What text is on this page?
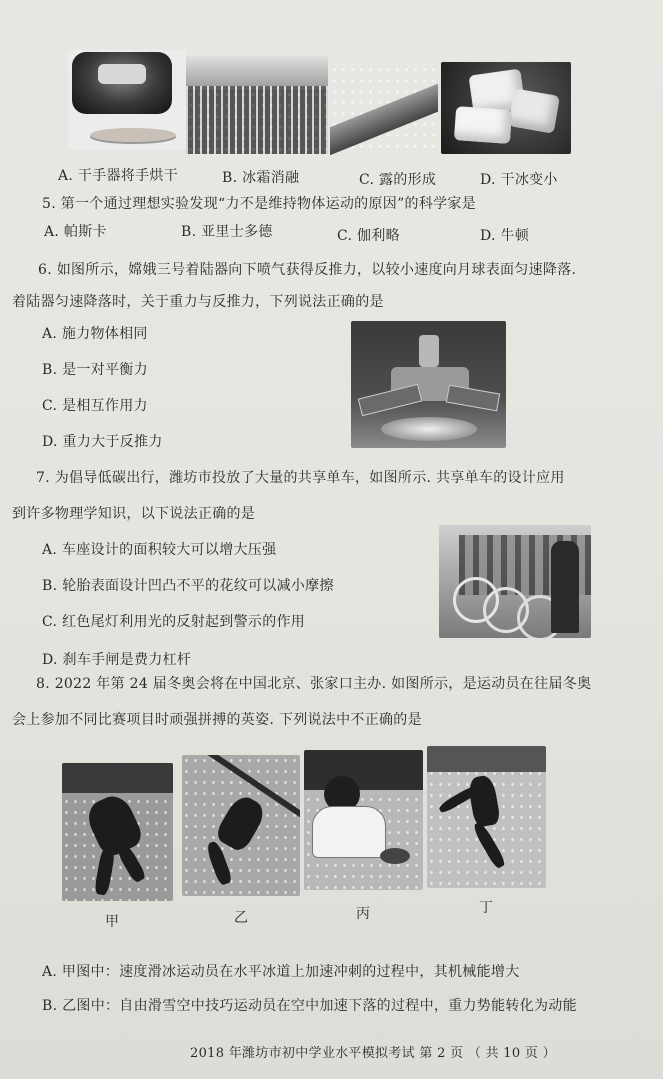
A. 干手器将手烘干	B. 冰霜消融	C. 露的形成	D. 干冰变小
5. 第一个通过理想实验发现“力不是维持物体运动的原因”的科学家是
A. 帕斯卡	B. 亚里士多德	C. 伽利略	D. 牛顿
6. 如图所示，嫦娥三号着陆器向下喷气获得反推力，以较小速度向月球表面匀速降落.
着陆器匀速降落时，关于重力与反推力，下列说法正确的是
A. 施力物体相同
B. 是一对平衡力
C. 是相互作用力
D. 重力大于反推力
7. 为倡导低碳出行，潍坊市投放了大量的共享单车，如图所示. 共享单车的设计应用
到许多物理学知识，以下说法正确的是
A. 车座设计的面积较大可以增大压强
B. 轮胎表面设计凹凸不平的花纹可以减小摩擦
C. 红色尾灯利用光的反射起到警示的作用
D. 刹车手闸是费力杠杆
8. 2022 年第 24 届冬奥会将在中国北京、张家口主办. 如图所示，是运动员在往届冬奥
会上参加不同比赛项目时顽强拼搏的英姿. 下列说法中不正确的是
甲	乙	丙	丁
A. 甲图中：速度滑冰运动员在水平冰道上加速冲刺的过程中，其机械能增大
B. 乙图中：自由滑雪空中技巧运动员在空中加速下落的过程中，重力势能转化为动能
2018 年潍坊市初中学业水平模拟考试 第 2 页 （ 共 10 页 ）
